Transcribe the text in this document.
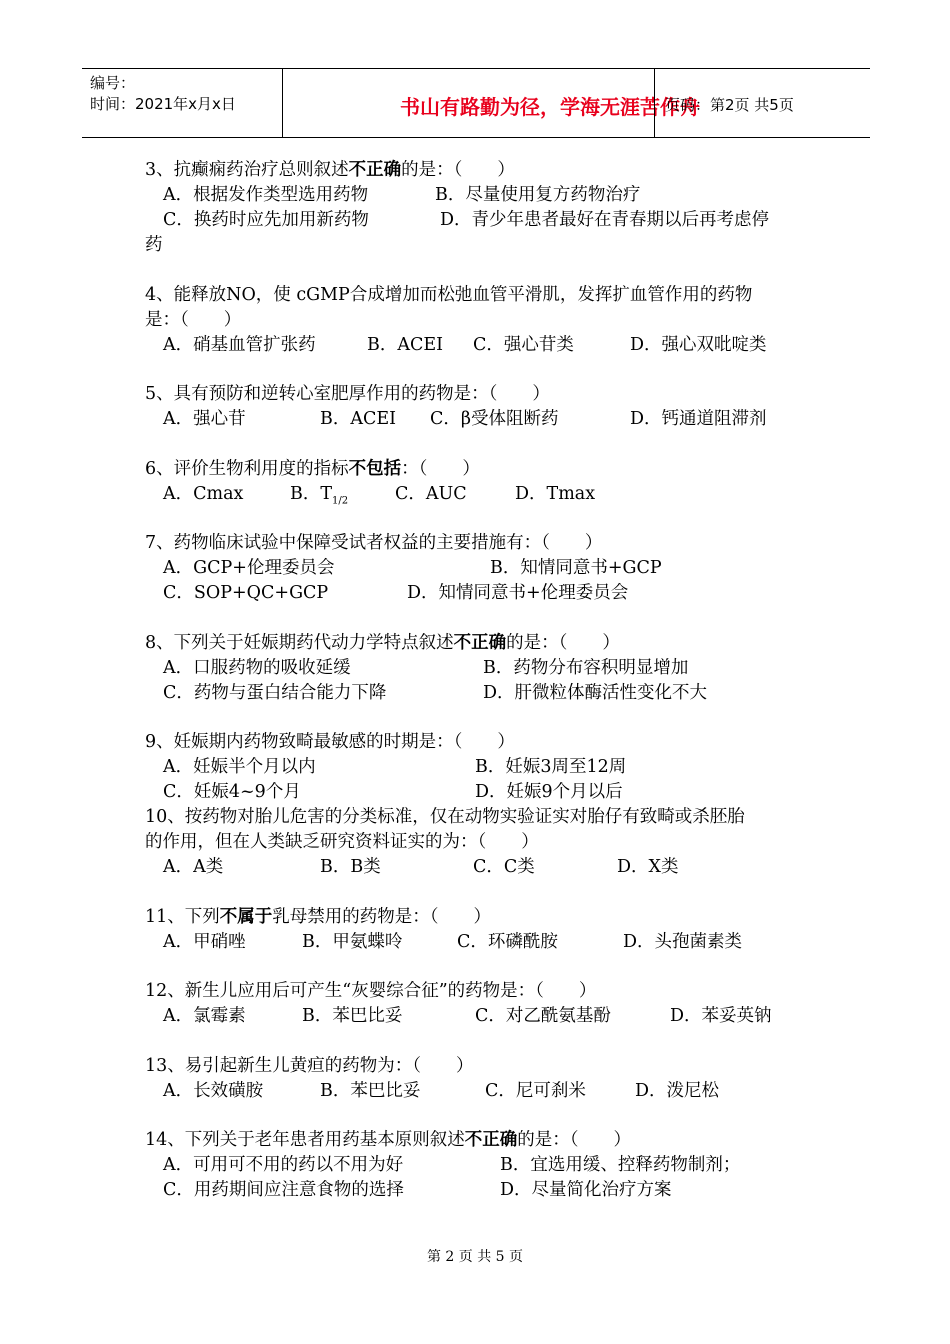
编号：
时间：2021年x月x日	书山有路勤为径，学海无涯苦作舟
页码：第2页 共5页
3、抗癫痫药治疗总则叙述不正确的是：（　　）
A．根据发作类型选用药物	B．尽量使用复方药物治疗
C．换药时应先加用新药物	D．青少年患者最好在青春期以后再考虑停
药
4、能释放NO，使 cGMP合成增加而松弛血管平滑肌，发挥扩血管作用的药物
是：（　　）
A．硝基血管扩张药	B．ACEI C．强心苷类	D．强心双吡啶类
5、具有预防和逆转心室肥厚作用的药物是：（　　）
A．强心苷	B．ACEI C．β受体阻断药	D．钙通道阻滞剂
6、评价生物利用度的指标不包括：（　　）
A．Cmax	B．$T_{1/2}$	C．AUC	D．Tmax
7、药物临床试验中保障受试者权益的主要措施有：（　　）
A．GCP+伦理委员会	B．知情同意书+GCP
C．SOP+QC+GCP	D．知情同意书+伦理委员会
8、下列关于妊娠期药代动力学特点叙述不正确的是：（　　）
A．口服药物的吸收延缓	B．药物分布容积明显增加
C．药物与蛋白结合能力下降	D．肝微粒体酶活性变化不大
9、妊娠期内药物致畸最敏感的时期是：（　　）
A．妊娠半个月以内	B．妊娠3周至12周
C．妊娠4~9个月	D．妊娠9个月以后
10、按药物对胎儿危害的分类标准，仅在动物实验证实对胎仔有致畸或杀胚胎
的作用，但在人类缺乏研究资料证实的为：（　　）
A．A类	B．B类	C．C类	D．X类
11、下列不属于乳母禁用的药物是：（　　）
A．甲硝唑	B．甲氨蝶呤	C．环磷酰胺	D．头孢菌素类
12、新生儿应用后可产生“灰婴综合征”的药物是：（　　）
A．氯霉素	B．苯巴比妥	C．对乙酰氨基酚	D．苯妥英钠
13、易引起新生儿黄疸的药物为：（　　）
A．长效磺胺	B．苯巴比妥	C．尼可刹米	D．泼尼松
14、下列关于老年患者用药基本原则叙述不正确的是：（　　）
A．可用可不用的药以不用为好	B．宜选用缓、控释药物制剂；
C．用药期间应注意食物的选择	D．尽量简化治疗方案
第 2 页 共 5 页
